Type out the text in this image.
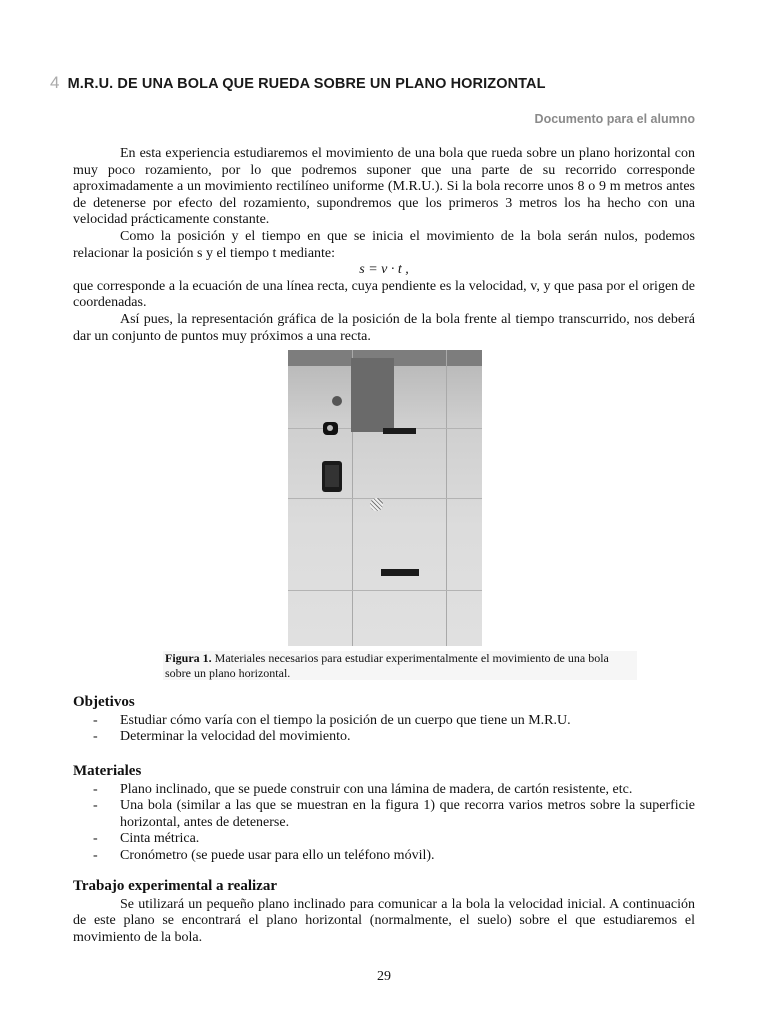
4 M.R.U. DE UNA BOLA QUE RUEDA SOBRE UN PLANO HORIZONTAL
Documento para el alumno

En esta experiencia estudiaremos el movimiento de una bola que rueda sobre un plano horizontal con muy poco rozamiento, por lo que podremos suponer que una parte de su recorrido corresponde aproximadamente a un movimiento rectilíneo uniforme (M.R.U.). Si la bola recorre unos 8 o 9 m metros antes de detenerse por efecto del rozamiento, supondremos que los primeros 3 metros los ha hecho con una velocidad prácticamente constante.

Como la posición y el tiempo en que se inicia el movimiento de la bola serán nulos, podemos relacionar la posición s y el tiempo t mediante:

s = v · t ,

que corresponde a la ecuación de una línea recta, cuya pendiente es la velocidad, v, y que pasa por el origen de coordenadas.

Así pues, la representación gráfica de la posición de la bola frente al tiempo transcurrido, nos deberá dar un conjunto de puntos muy próximos a una recta.

Objetivos
- Estudiar cómo varía con el tiempo la posición de un cuerpo que tiene un M.R.U.
- Determinar la velocidad del movimiento.
Materiales
- Plano inclinado, que se puede construir con una lámina de madera, de cartón resistente, etc.
- Una bola (similar a las que se muestran en la figura 1) que recorra varios metros sobre la superficie horizontal, antes de detenerse.
- Cinta métrica.
- Cronómetro (se puede usar para ello un teléfono móvil).
Trabajo experimental a realizar

Se utilizará un pequeño plano inclinado para comunicar a la bola la velocidad inicial. A continuación de este plano se encontrará el plano horizontal (normalmente, el suelo) sobre el que estudiaremos el movimiento de la bola.

Figura 1. Materiales necesarios para estudiar experimentalmente el movimiento de una bola sobre un plano horizontal.
29
